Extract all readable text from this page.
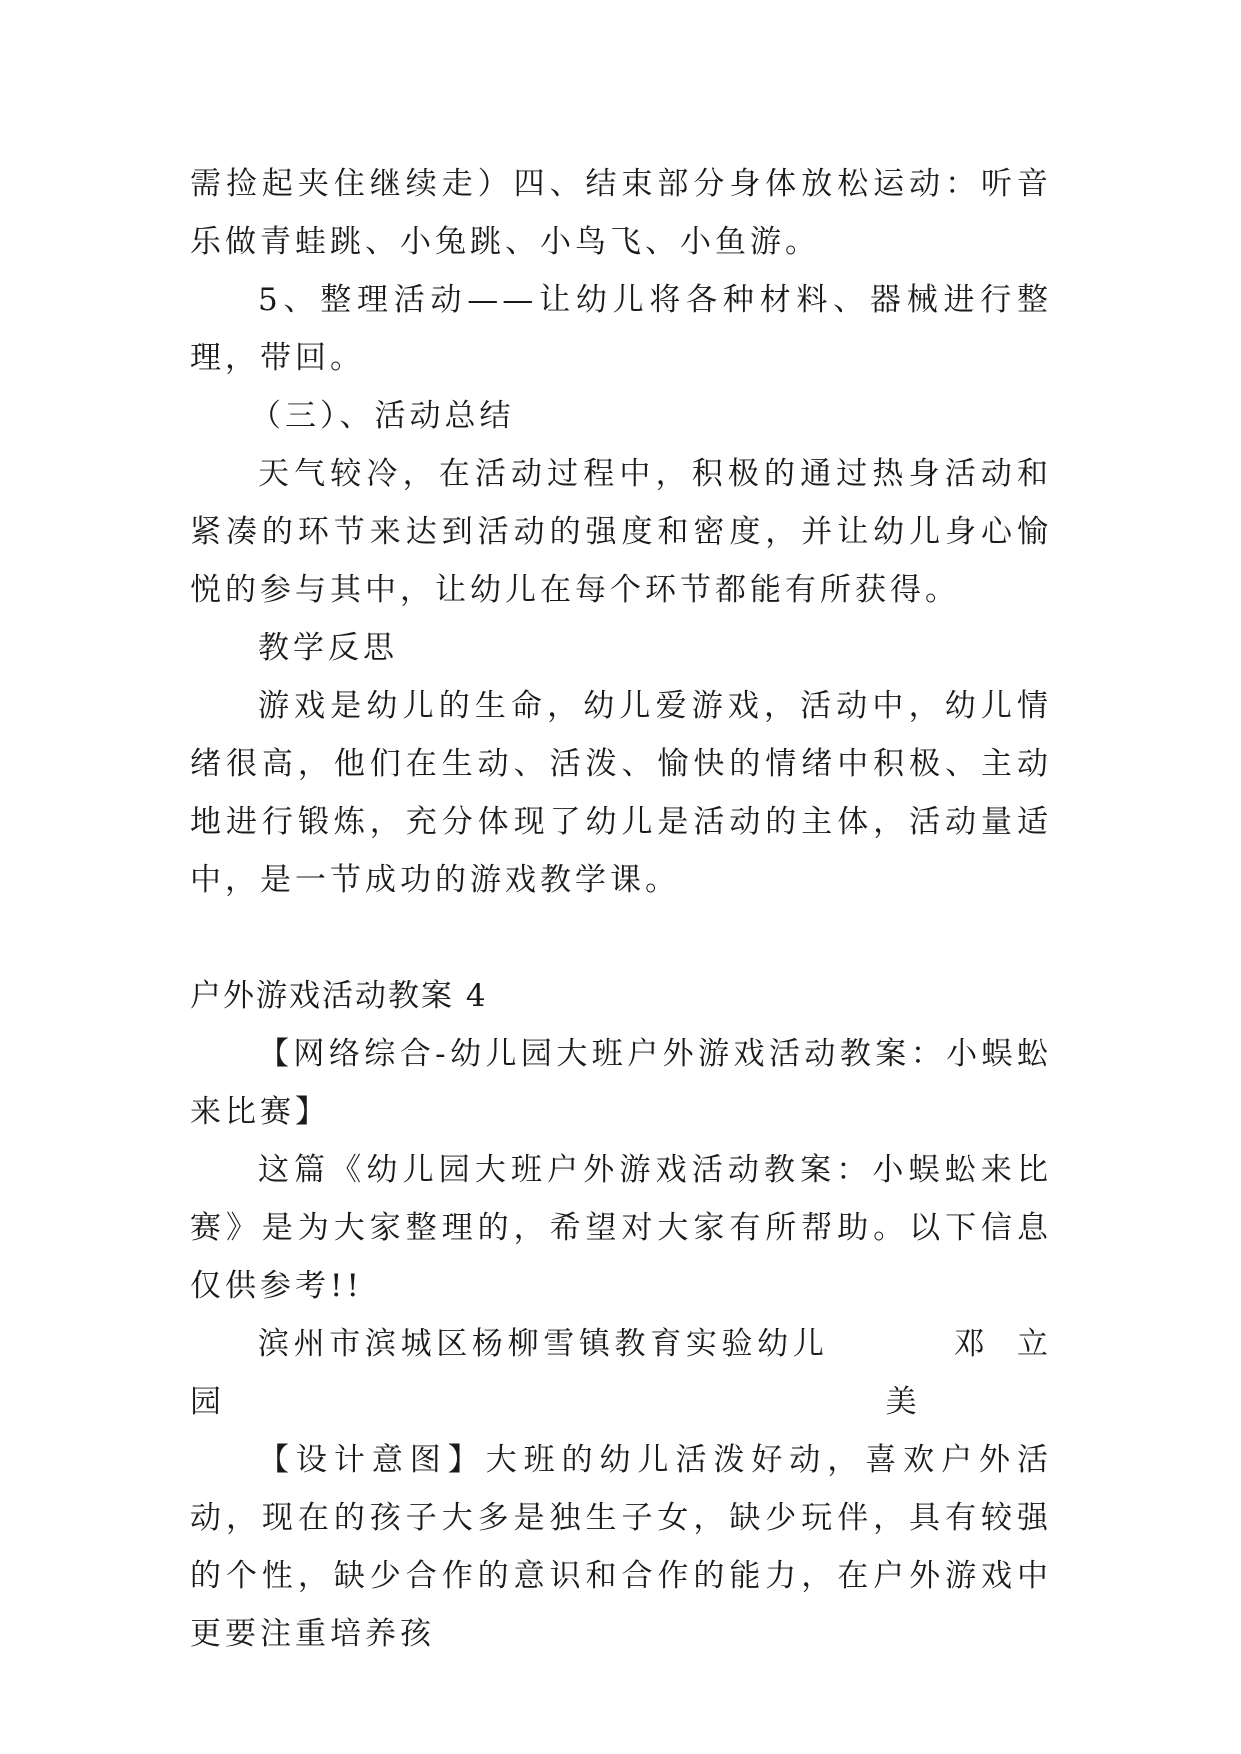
需捡起夹住继续走）四、结束部分身体放松运动：听音乐做青蛙跳、小兔跳、小鸟飞、小鱼游。

5、整理活动——让幼儿将各种材料、器械进行整理，带回。

（三）、活动总结

天气较冷，在活动过程中，积极的通过热身活动和紧凑的环节来达到活动的强度和密度，并让幼儿身心愉悦的参与其中，让幼儿在每个环节都能有所获得。

教学反思

游戏是幼儿的生命，幼儿爱游戏，活动中，幼儿情绪很高，他们在生动、活泼、愉快的情绪中积极、主动地进行锻炼，充分体现了幼儿是活动的主体，活动量适中，是一节成功的游戏教学课。

户外游戏活动教案 4

【网络综合-幼儿园大班户外游戏活动教案：小蜈蚣来比赛】

这篇《幼儿园大班户外游戏活动教案：小蜈蚣来比赛》是为大家整理的，希望对大家有所帮助。以下信息仅供参考!!

滨州市滨城区杨柳雪镇教育实验幼儿园
邓立美

【设计意图】大班的幼儿活泼好动，喜欢户外活动，现在的孩子大多是独生子女，缺少玩伴，具有较强的个性，缺少合作的意识和合作的能力，在户外游戏中更要注重培养孩
